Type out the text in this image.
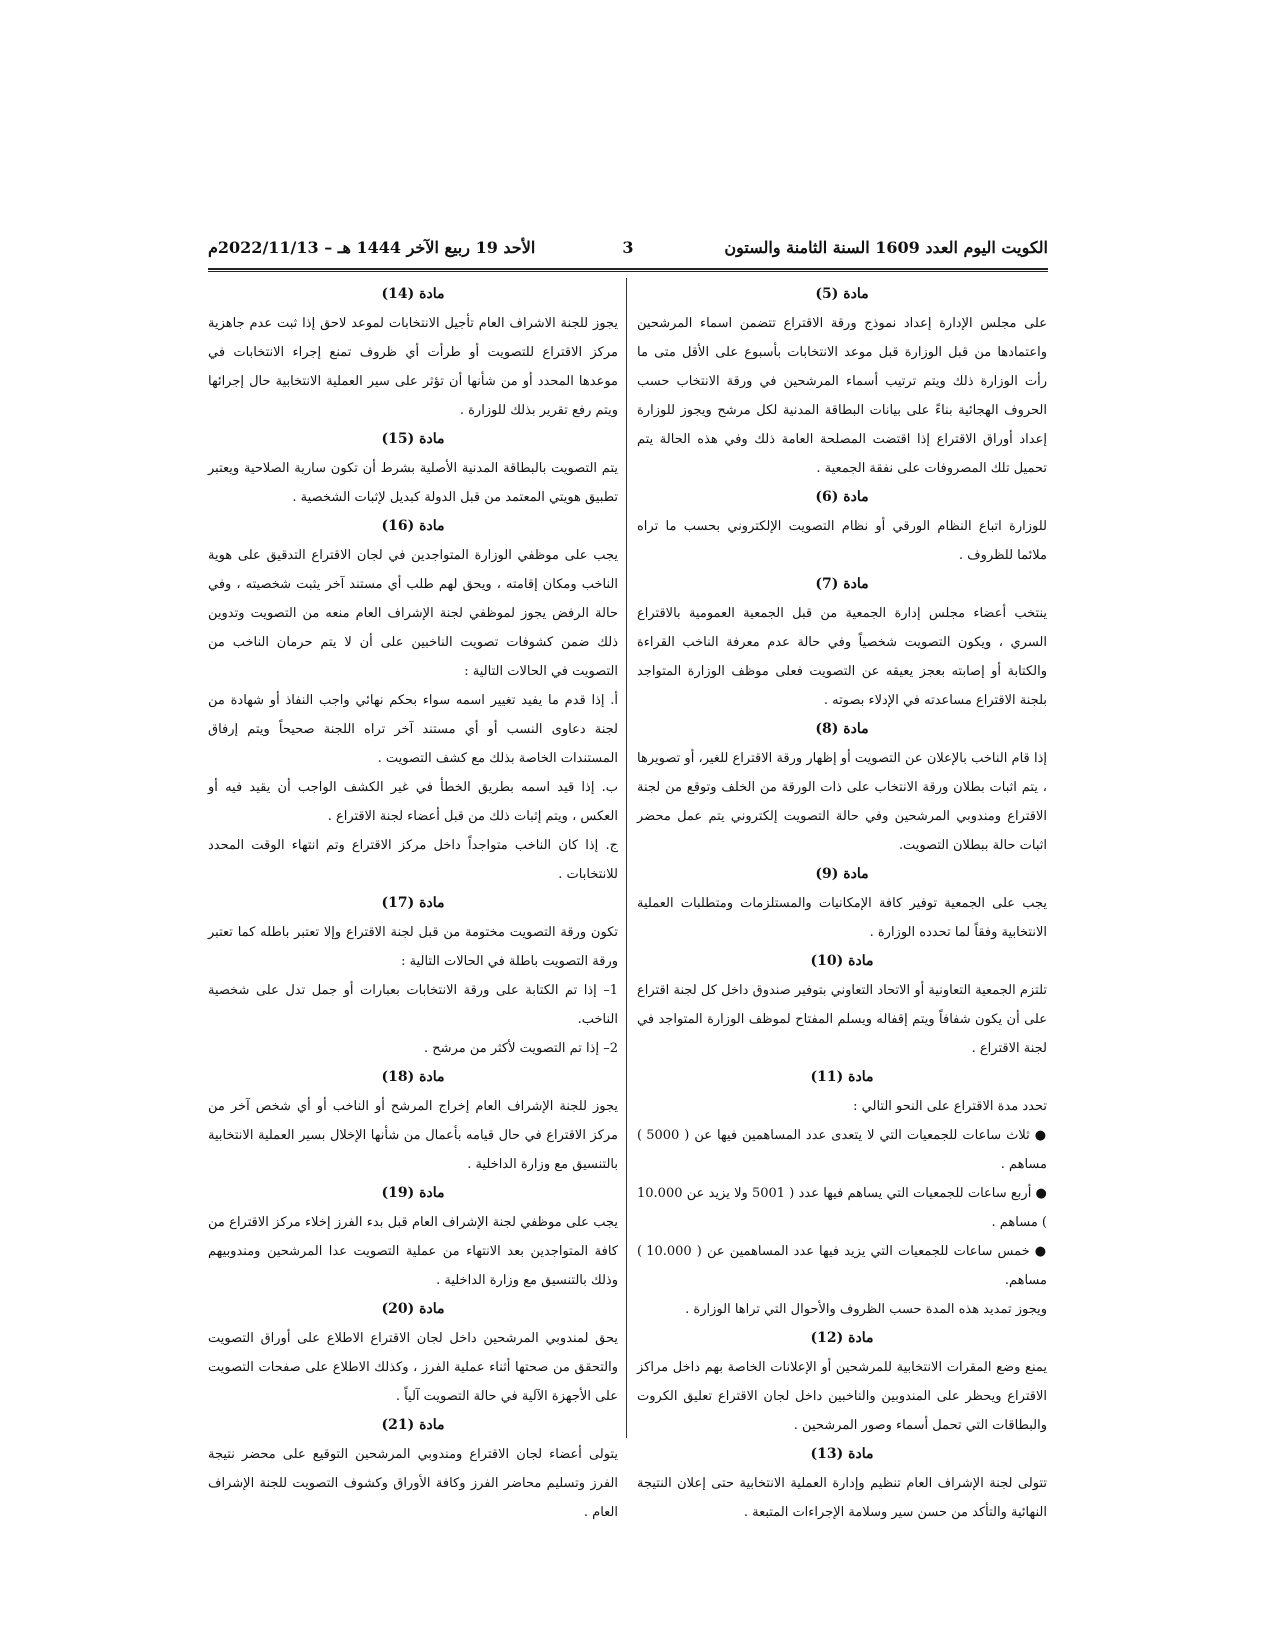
الكويت اليوم العدد 1609 السنة الثامنة والستون
3
الأحد 19 ربيع الآخر 1444 هـ – 2022/11/13م
مادة (5)

على مجلس الإدارة إعداد نموذج ورقة الاقتراع تتضمن اسماء المرشحين واعتمادها من قبل الوزارة قبل موعد الانتخابات بأسبوع على الأقل متى ما رأت الوزارة ذلك ويتم ترتيب أسماء المرشحين في ورقة الانتخاب حسب الحروف الهجائية بناءً على بيانات البطاقة المدنية لكل مرشح ويجوز للوزارة إعداد أوراق الاقتراع إذا اقتضت المصلحة العامة ذلك وفي هذه الحالة يتم تحميل تلك المصروفات على نفقة الجمعية .

مادة (6)

للوزارة اتباع النظام الورقي أو نظام التصويت الإلكتروني بحسب ما تراه ملائما للظروف .

مادة (7)

ينتخب أعضاء مجلس إدارة الجمعية من قبل الجمعية العمومية بالاقتراع السري ، ويكون التصويت شخصياً وفي حالة عدم معرفة الناخب القراءة والكتابة أو إصابته بعجز يعيقه عن التصويت فعلى موظف الوزارة المتواجد بلجنة الاقتراع مساعدته في الإدلاء بصوته .

مادة (8)

إذا قام الناخب بالإعلان عن التصويت أو إظهار ورقة الاقتراع للغير، أو تصويرها ، يتم اثبات بطلان ورقة الانتخاب على ذات الورقة من الخلف وتوقع من لجنة الاقتراع ومندوبي المرشحين وفي حالة التصويت إلكتروني يتم عمل محضر اثبات حالة ببطلان التصويت.

مادة (9)

يجب على الجمعية توفير كافة الإمكانيات والمستلزمات ومتطلبات العملية الانتخابية وفقاً لما تحدده الوزارة .

مادة (10)

تلتزم الجمعية التعاونية أو الاتحاد التعاوني بتوفير صندوق داخل كل لجنة اقتراع على أن يكون شفافاً ويتم إقفاله ويسلم المفتاح لموظف الوزارة المتواجد في لجنة الاقتراع .

مادة (11)

تحدد مدة الاقتراع على النحو التالي :

● ثلاث ساعات للجمعيات التي لا يتعدى عدد المساهمين فيها عن ( 5000 ) مساهم .

● أربع ساعات للجمعيات التي يساهم فيها عدد ( 5001 ولا يزيد عن 10.000 ) مساهم .

● خمس ساعات للجمعيات التي يزيد فيها عدد المساهمين عن ( 10.000 ) مساهم.

ويجوز تمديد هذه المدة حسب الظروف والأحوال التي تراها الوزارة .

مادة (12)

يمنع وضع المقرات الانتخابية للمرشحين أو الإعلانات الخاصة بهم داخل مراكز الاقتراع ويحظر على المندوبين والناخبين داخل لجان الاقتراع تعليق الكروت والبطاقات التي تحمل أسماء وصور المرشحين .

مادة (13)

تتولى لجنة الإشراف العام تنظيم وإدارة العملية الانتخابية حتى إعلان النتيجة النهائية والتأكد من حسن سير وسلامة الإجراءات المتبعة .

مادة (14)

يجوز للجنة الاشراف العام تأجيل الانتخابات لموعد لاحق إذا ثبت عدم جاهزية مركز الاقتراع للتصويت أو طرأت أي ظروف تمنع إجراء الانتخابات في موعدها المحدد أو من شأنها أن تؤثر على سير العملية الانتخابية حال إجرائها ويتم رفع تقرير بذلك للوزارة .

مادة (15)

يتم التصويت بالبطاقة المدنية الأصلية بشرط أن تكون سارية الصلاحية ويعتبر تطبيق هويتي المعتمد من قبل الدولة كبديل لإثبات الشخصية .

مادة (16)

يجب على موظفي الوزارة المتواجدين في لجان الاقتراع التدقيق على هوية الناخب ومكان إقامته ، ويحق لهم طلب أي مستند آخر يثبت شخصيته ، وفي حالة الرفض يجوز لموظفي لجنة الإشراف العام منعه من التصويت وتدوين ذلك ضمن كشوفات تصويت الناخبين على أن لا يتم حرمان الناخب من التصويت في الحالات التالية :

أ. إذا قدم ما يفيد تغيير اسمه سواء بحكم نهائي واجب النفاذ أو شهادة من لجنة دعاوى النسب أو أي مستند آخر تراه اللجنة صحيحاً ويتم إرفاق المستندات الخاصة بذلك مع كشف التصويت .

ب. إذا قيد اسمه بطريق الخطأ في غير الكشف الواجب أن يقيد فيه أو العكس ، ويتم إثبات ذلك من قبل أعضاء لجنة الاقتراع .

ج. إذا كان الناخب متواجداً داخل مركز الاقتراع وتم انتهاء الوقت المحدد للانتخابات .

مادة (17)

تكون ورقة التصويت مختومة من قبل لجنة الاقتراع وإلا تعتبر باطله كما تعتبر ورقة التصويت باطلة في الحالات التالية :

1– إذا تم الكتابة على ورقة الانتخابات بعبارات أو جمل تدل على شخصية الناخب.

2– إذا تم التصويت لأكثر من مرشح .

مادة (18)

يجوز للجنة الإشراف العام إخراج المرشح أو الناخب أو أي شخص آخر من مركز الاقتراع في حال قيامه بأعمال من شأنها الإخلال بسير العملية الانتخابية بالتنسيق مع وزارة الداخلية .

مادة (19)

يجب على موظفي لجنة الإشراف العام قبل بدء الفرز إخلاء مركز الاقتراع من كافة المتواجدين بعد الانتهاء من عملية التصويت عدا المرشحين ومندوبيهم وذلك بالتنسيق مع وزارة الداخلية .

مادة (20)

يحق لمندوبي المرشحين داخل لجان الاقتراع الاطلاع على أوراق التصويت والتحقق من صحتها أثناء عملية الفرز ، وكذلك الاطلاع على صفحات التصويت على الأجهزة الآلية في حالة التصويت آلياً .

مادة (21)

يتولى أعضاء لجان الاقتراع ومندوبي المرشحين التوقيع على محضر نتيجة الفرز وتسليم محاضر الفرز وكافة الأوراق وكشوف التصويت للجنة الإشراف العام .
